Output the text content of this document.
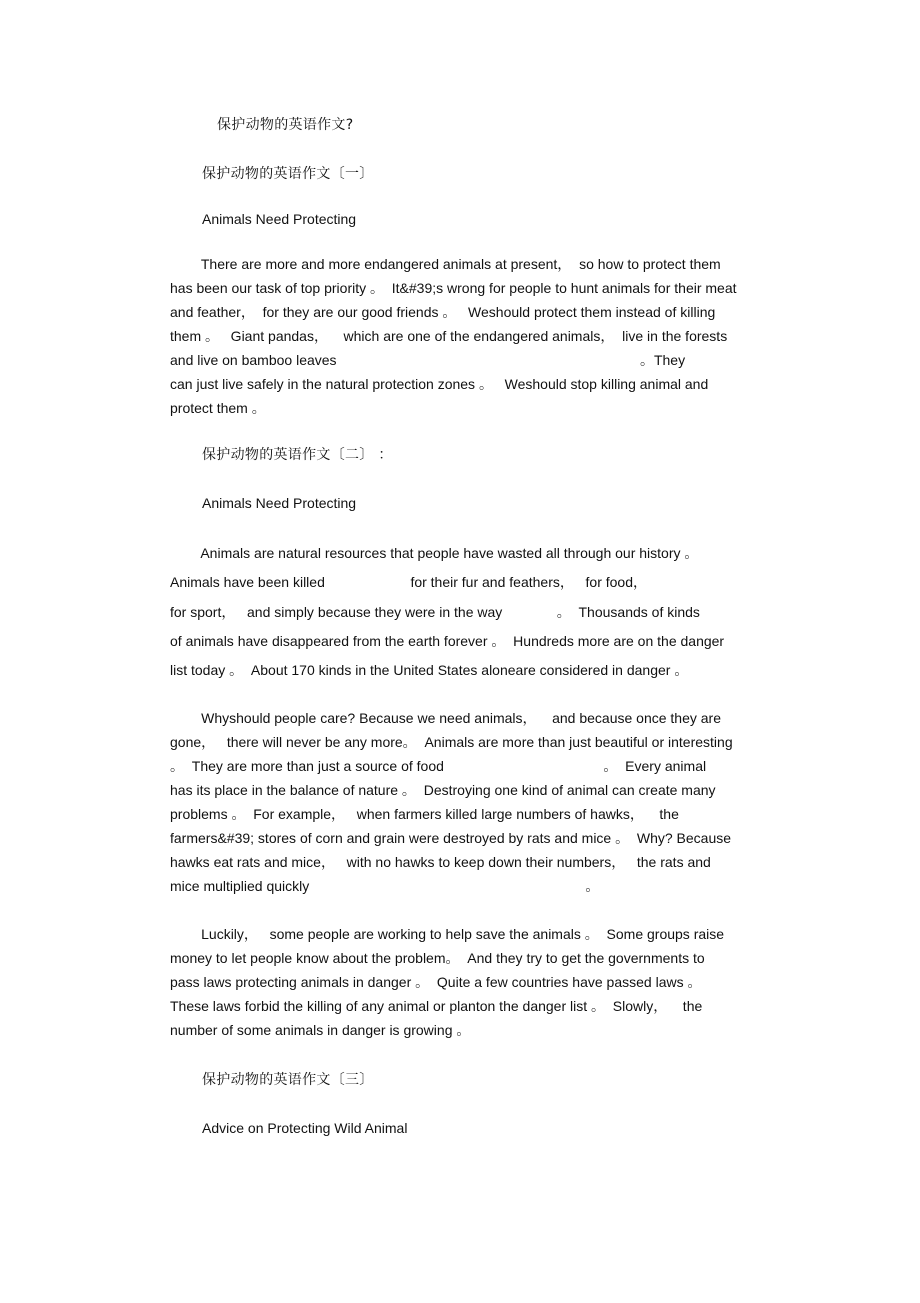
保护动物的英语作文?
保护动物的英语作文〔一〕
Animals Need Protecting
There are more and more endangered animals at present，  so how to protect them
has been our task of top priority 。  It&#39;s wrong for people to hunt animals for their meat
and feather，  for they are our good friends 。   Weshould protect them instead of killing
them 。   Giant pandas，    which are one of the endangered animals，  live in the forests
and live on bamboo leaves                                                                              。They
can just live safely in the natural protection zones 。   Weshould stop killing animal and
protect them 。
保护动物的英语作文〔二〕 ：
Animals Need Protecting
Animals are natural resources that people have wasted all through our history 。
Animals have been killed                      for their fur and feathers，   for food，
for sport，   and simply because they were in the way              。  Thousands of kinds
of animals have disappeared from the earth forever 。  Hundreds more are on the danger
list today 。  About 170 kinds in the United States aloneare considered in danger 。
Whyshould people care? Because we need animals，    and because once they are
gone，   there will never be any more。  Animals are more than just beautiful or interesting
。  They are more than just a source of food                                         。  Every animal
has its place in the balance of nature 。  Destroying one kind of animal can create many
problems 。  For example，   when farmers killed large numbers of hawks，    the
farmers&#39; stores of corn and grain were destroyed by rats and mice 。  Why? Because
hawks eat rats and mice，   with no hawks to keep down their numbers，   the rats and
mice multiplied quickly                                                                       。
Luckily，   some people are working to help save the animals 。  Some groups raise
money to let people know about the problem。  And they try to get the governments to
pass laws protecting animals in danger 。  Quite a few countries have passed laws 。
These laws forbid the killing of any animal or planton the danger list 。  Slowly，    the
number of some animals in danger is growing 。
保护动物的英语作文〔三〕
Advice on Protecting Wild Animal
